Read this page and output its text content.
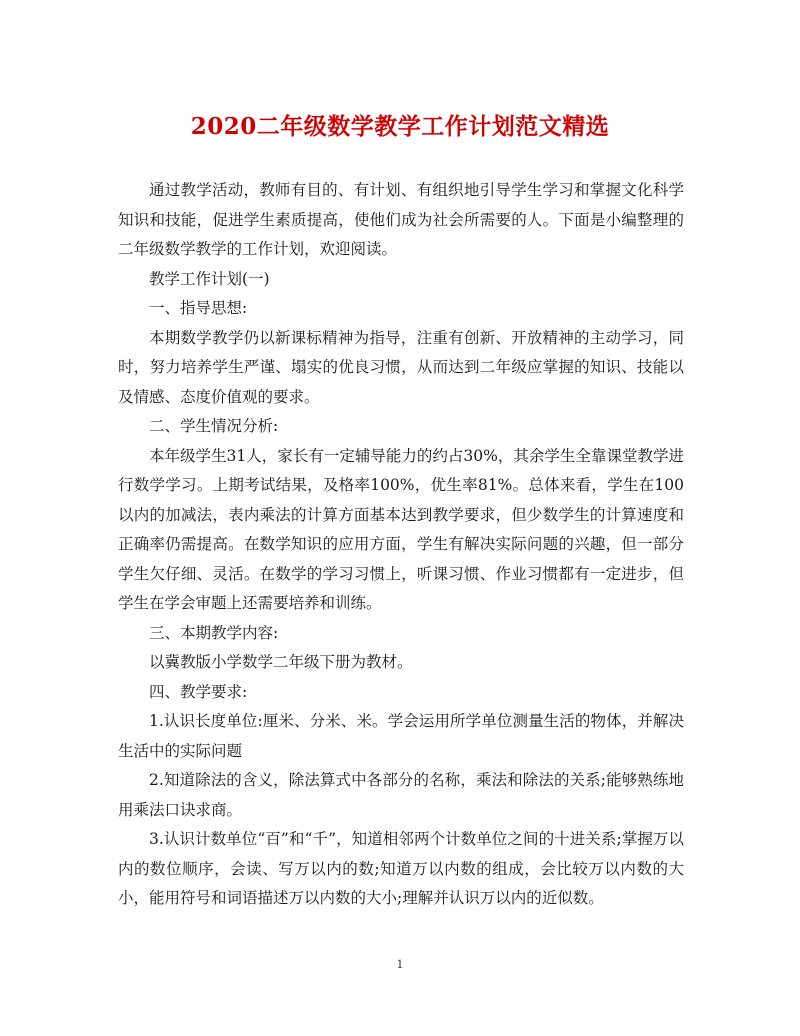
2020二年级数学教学工作计划范文精选

通过教学活动，教师有目的、有计划、有组织地引导学生学习和掌握文化科学知识和技能，促进学生素质提高，使他们成为社会所需要的人。下面是小编整理的二年级数学教学的工作计划，欢迎阅读。

教学工作计划(一)

一、指导思想:

本期数学教学仍以新课标精神为指导，注重有创新、开放精神的主动学习，同时，努力培养学生严谨、塌实的优良习惯，从而达到二年级应掌握的知识、技能以及情感、态度价值观的要求。

二、学生情况分析:

本年级学生31人，家长有一定辅导能力的约占30%，其余学生全靠课堂教学进行数学学习。上期考试结果，及格率100%，优生率81%。总体来看，学生在100以内的加减法，表内乘法的计算方面基本达到教学要求，但少数学生的计算速度和正确率仍需提高。在数学知识的应用方面，学生有解决实际问题的兴趣，但一部分学生欠仔细、灵活。在数学的学习习惯上，听课习惯、作业习惯都有一定进步，但学生在学会审题上还需要培养和训练。

三、本期教学内容:

以冀教版小学数学二年级下册为教材。

四、教学要求:

1.认识长度单位:厘米、分米、米。学会运用所学单位测量生活的物体，并解决生活中的实际问题

2.知道除法的含义，除法算式中各部分的名称，乘法和除法的关系;能够熟练地用乘法口诀求商。

3.认识计数单位“百”和“千”，知道相邻两个计数单位之间的十进关系;掌握万以内的数位顺序，会读、写万以内的数;知道万以内数的组成，会比较万以内数的大小，能用符号和词语描述万以内数的大小;理解并认识万以内的近似数。

1
